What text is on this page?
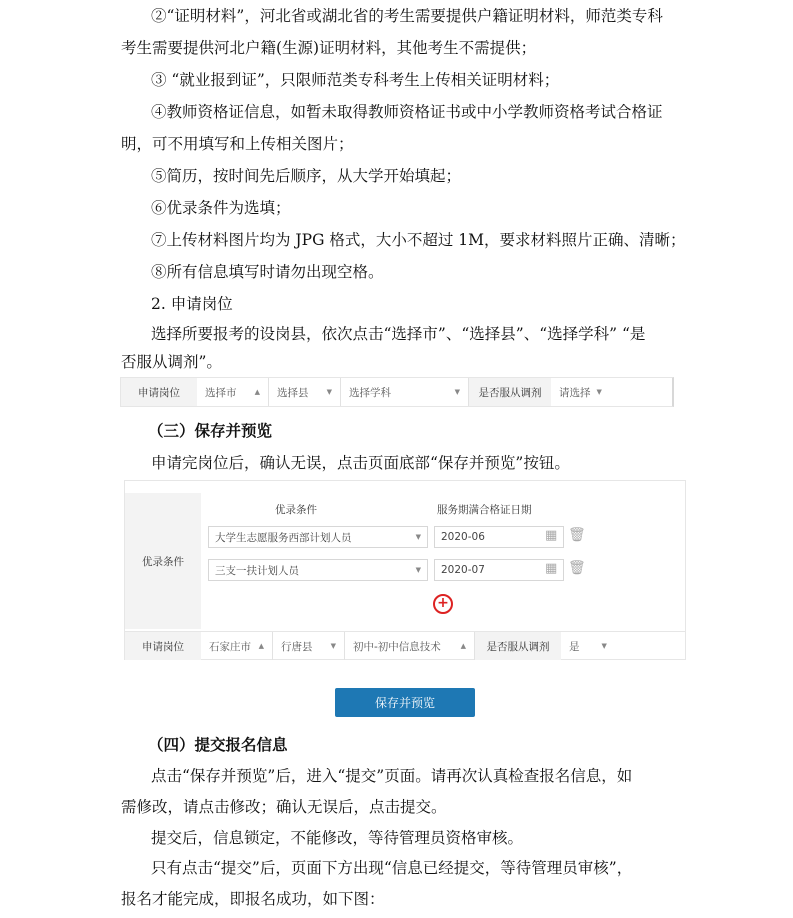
②“证明材料”，河北省或湖北省的考生需要提供户籍证明材料，师范类专科
考生需要提供河北户籍(生源)证明材料，其他考生不需提供；
③ “就业报到证”，只限师范类专科考生上传相关证明材料；
④教师资格证信息，如暂未取得教师资格证书或中小学教师资格考试合格证
明，可不用填写和上传相关图片；
⑤简历，按时间先后顺序，从大学开始填起；
⑥优录条件为选填；
⑦上传材料图片均为 JPG 格式，大小不超过 1M，要求材料照片正确、清晰；
⑧所有信息填写时请勿出现空格。
2. 申请岗位
选择所要报考的设岗县，依次点击“选择市”、“选择县”、“选择学科” “是
否服从调剂”。
申请岗位	选择市	▲ 选择县	▼ 选择学科	▼	是否服从调剂	请选择 ▼
（三）保存并预览
申请完岗位后，确认无误，点击页面底部“保存并预览”按钮。
优录条件
优录条件	服务期满合格证日期
大学生志愿服务西部计划人员	▼ 2020-06	▦ 🗑
三支一扶计划人员	▼ 2020-07	▦ 🗑
+
申请岗位	石家庄市 ▲ 行唐县	▼ 初中-初中信息技术	▲	是否服从调剂	是	▼
保存并预览
（四）提交报名信息
点击“保存并预览”后，进入“提交”页面。请再次认真检查报名信息，如
需修改，请点击修改；确认无误后，点击提交。
提交后，信息锁定，不能修改，等待管理员资格审核。
只有点击“提交”后，页面下方出现“信息已经提交，等待管理员审核”，
报名才能完成，即报名成功，如下图：
